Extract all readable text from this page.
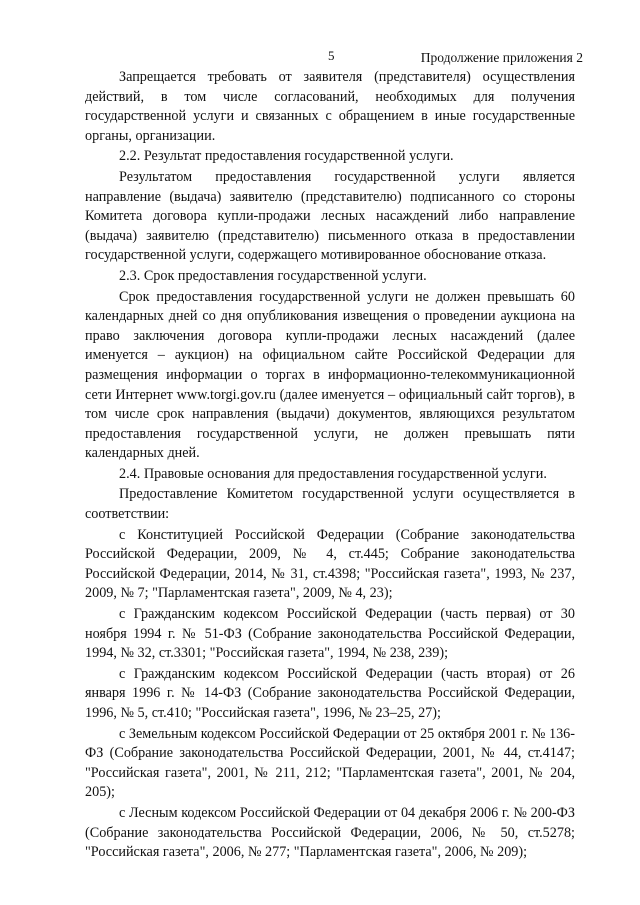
5	Продолжение приложения 2

Запрещается требовать от заявителя (представителя) осуществления действий, в том числе согласований, необходимых для получения государственной услуги и связанных с обращением в иные государственные органы, организации.

2.2. Результат предоставления государственной услуги.

Результатом предоставления государственной услуги является направление (выдача) заявителю (представителю) подписанного со стороны Комитета договора купли-продажи лесных насаждений либо направление (выдача) заявителю (представителю) письменного отказа в предоставлении государственной услуги, содержащего мотивированное обоснование отказа.

2.3. Срок предоставления государственной услуги.

Срок предоставления государственной услуги не должен превышать 60 календарных дней со дня опубликования извещения о проведении аукциона на право заключения договора купли-продажи лесных насаждений (далее именуется – аукцион) на официальном сайте Российской Федерации для размещения информации о торгах в информационно-телекоммуникационной сети Интернет www.torgi.gov.ru (далее именуется – официальный сайт торгов), в том числе срок направления (выдачи) документов, являющихся результатом предоставления государственной услуги, не должен превышать пяти календарных дней.

2.4. Правовые основания для предоставления государственной услуги.

Предоставление Комитетом государственной услуги осуществляется в соответствии:

с Конституцией Российской Федерации (Собрание законодательства Российской Федерации, 2009, № 4, ст.445; Собрание законодательства Российской Федерации, 2014, № 31, ст.4398; "Российская газета", 1993, № 237, 2009, № 7; "Парламентская газета", 2009, № 4, 23);

с Гражданским кодексом Российской Федерации (часть первая) от 30 ноября 1994 г. № 51-ФЗ (Собрание законодательства Российской Федерации, 1994, № 32, ст.3301; "Российская газета", 1994, № 238, 239);

с Гражданским кодексом Российской Федерации (часть вторая) от 26 января 1996 г. № 14-ФЗ (Собрание законодательства Российской Федерации, 1996, № 5, ст.410; "Российская газета", 1996, № 23–25, 27);

с Земельным кодексом Российской Федерации от 25 октября 2001 г. № 136-ФЗ (Собрание законодательства Российской Федерации, 2001, № 44, ст.4147; "Российская газета", 2001, № 211, 212; "Парламентская газета", 2001, № 204, 205);

с Лесным кодексом Российской Федерации от 04 декабря 2006 г. № 200-ФЗ (Собрание законодательства Российской Федерации, 2006, № 50, ст.5278; "Российская газета", 2006, № 277; "Парламентская газета", 2006, № 209);
